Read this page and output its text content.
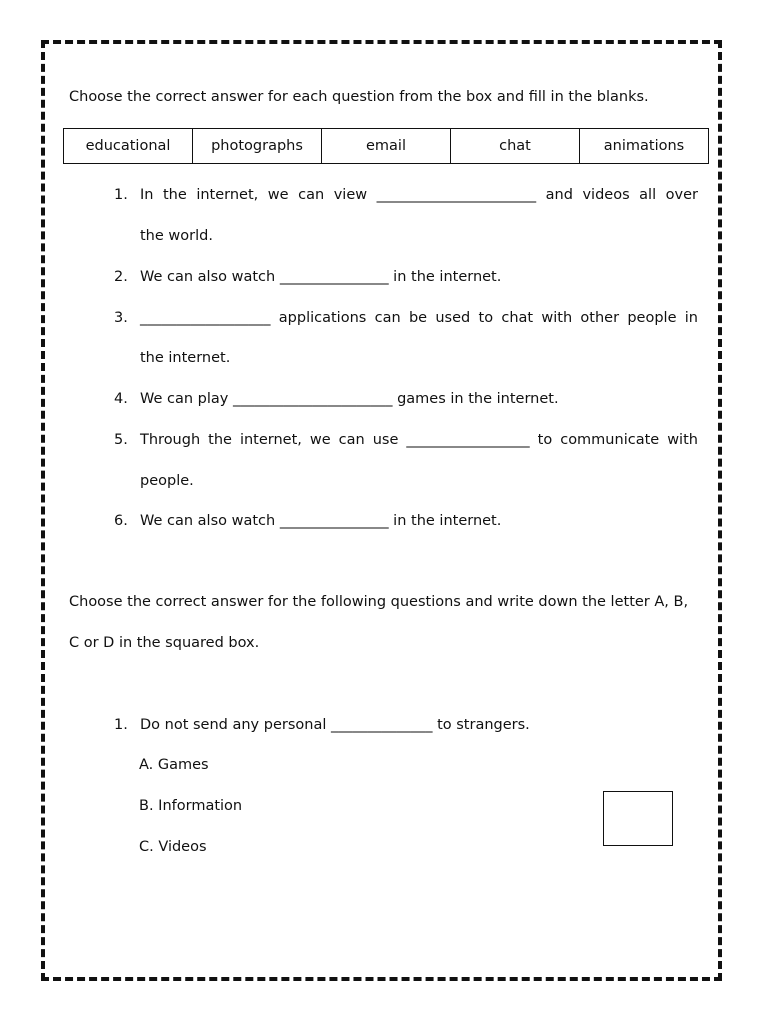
Choose the correct answer for each question from the box and fill in the blanks.
educational	photographs	email	chat	animations
1. In the internet, we can view ______________________ and videos all over
the world.
2. We can also watch _______________ in the internet.
3. __________________ applications can be used to chat with other people in
the internet.
4. We can play ______________________ games in the internet.
5. Through the internet, we can use _________________ to communicate with
people.
6. We can also watch _______________ in the internet.
Choose the correct answer for the following questions and write down the letter A, B,
C or D in the squared box.
1. Do not send any personal ______________ to strangers.
A. Games
B. Information
C. Videos
